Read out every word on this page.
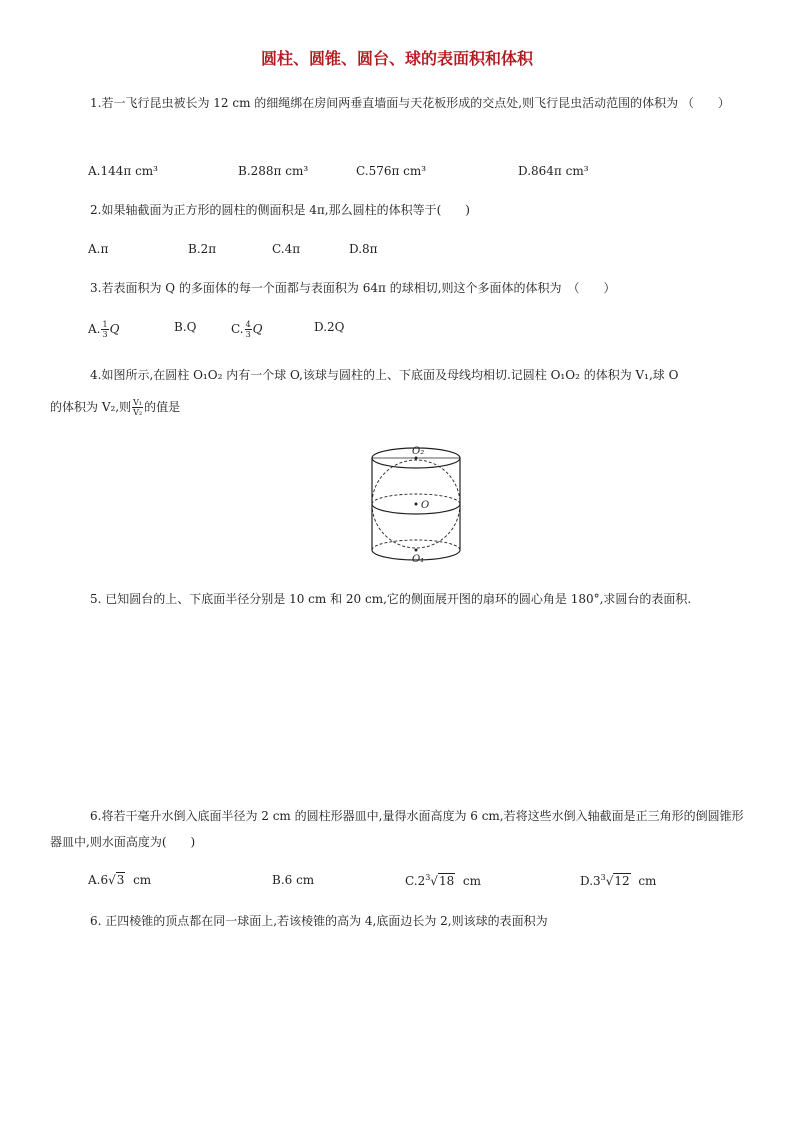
圆柱、圆锥、圆台、球的表面积和体积
1.若一飞行昆虫被长为 12 cm 的细绳绑在房间两垂直墙面与天花板形成的交点处,则飞行昆虫活动范围的体积为 （　　）
A.144π cm³	B.288π cm³	C.576π cm³	D.864π cm³
2.如果轴截面为正方形的圆柱的侧面积是 4π,那么圆柱的体积等于(　　)
A.π	B.2π	C.4π	D.8π
3.若表面积为 Q 的多面体的每一个面都与表面积为 64π 的球相切,则这个多面体的体积为　（　　）
A. $\frac{1}{3}$ Q	B.Q	C. $\frac{4}{3}$ Q	D.2Q
4.如图所示,在圆柱 O₁O₂ 内有一个球 O,该球与圆柱的上、下底面及母线均相切.记圆柱 O₁O₂ 的体积为 V₁,球 O
的体积为 V₂,则 $\frac{\text{V₁}}{\text{V₂}}$ 的值是
O₂
O
O₁
5. 已知圆台的上、下底面半径分别是 10 cm 和 20 cm,它的侧面展开图的扇环的圆心角是 180°,求圆台的表面积.
6.将若干毫升水倒入底面半径为 2 cm 的圆柱形器皿中,量得水面高度为 6 cm,若将这些水倒入轴截面是正三角形的倒圆锥形器皿中,则水面高度为(　　)
A.6√3 cm	B.6 cm	$C.2^3√18$ cm	$D.3^3√12$ cm
6. 正四棱锥的顶点都在同一球面上,若该棱锥的高为 4,底面边长为 2,则该球的表面积为
